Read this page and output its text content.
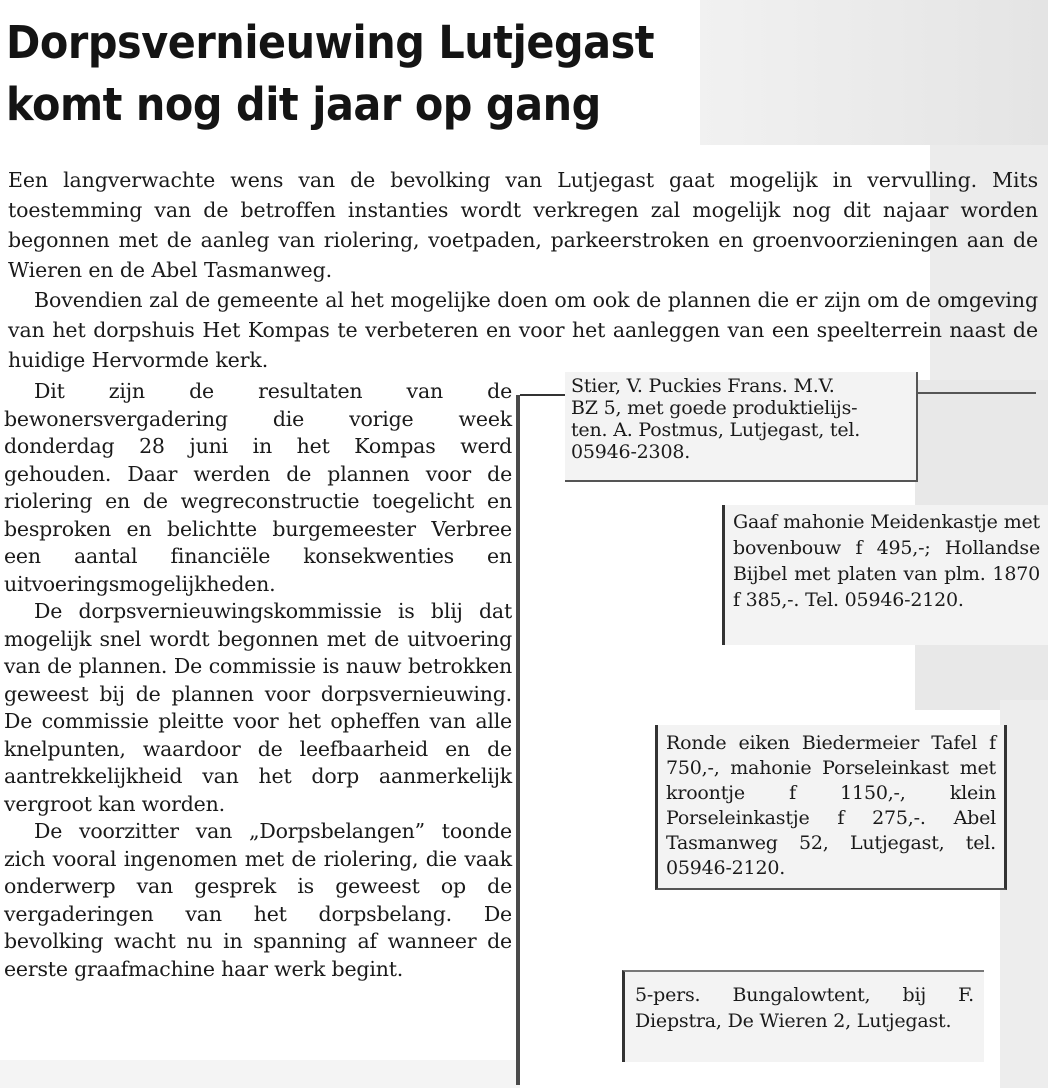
Dorpsvernieuwing Lutjegast
komt nog dit jaar op gang

Een langverwachte wens van de bevolking van Lutjegast gaat mogelijk in vervulling. Mits toestemming van de betroffen instanties wordt verkregen zal mogelijk nog dit najaar worden begonnen met de aanleg van riolering, voetpaden, parkeerstroken en groenvoorzieningen aan de Wieren en de Abel Tasmanweg.

Bovendien zal de gemeente al het mogelijke doen om ook de plannen die er zijn om de omgeving van het dorpshuis Het Kompas te verbeteren en voor het aanleggen van een speelterrein naast de huidige Hervormde kerk.

Dit zijn de resultaten van de bewonersvergadering die vorige week donderdag 28 juni in het Kompas werd gehouden. Daar werden de plannen voor de riolering en de wegreconstructie toegelicht en besproken en belichtte burgemeester Verbree een aantal financiële konsekwenties en uitvoeringsmogelijkheden.

De dorpsvernieuwingskommissie is blij dat mogelijk snel wordt begonnen met de uitvoering van de plannen. De commissie is nauw betrokken geweest bij de plannen voor dorpsvernieuwing. De commissie pleitte voor het opheffen van alle knelpunten, waardoor de leefbaarheid en de aantrekkelijkheid van het dorp aanmerkelijk vergroot kan worden.

De voorzitter van „Dorpsbelangen” toonde zich vooral ingenomen met de riolering, die vaak onderwerp van gesprek is geweest op de vergaderingen van het dorpsbelang. De bevolking wacht nu in spanning af wanneer de eerste graafmachine haar werk begint.

Stier, V. Puckies Frans. M.V.

BZ 5, met goede produktielijs-

ten. A. Postmus, Lutjegast, tel.

05946-2308.

Gaaf mahonie Meidenkastje met bovenbouw f 495,-; Hollandse Bijbel met platen van plm. 1870 f 385,-. Tel. 05946-2120.

Ronde eiken Biedermeier Tafel f 750,-, mahonie Porseleinkast met kroontje f 1150,-, klein Porseleinkastje f 275,-. Abel Tasmanweg 52, Lutjegast, tel. 05946-2120.

5-pers. Bungalowtent, bij F. Diepstra, De Wieren 2, Lutjegast.
